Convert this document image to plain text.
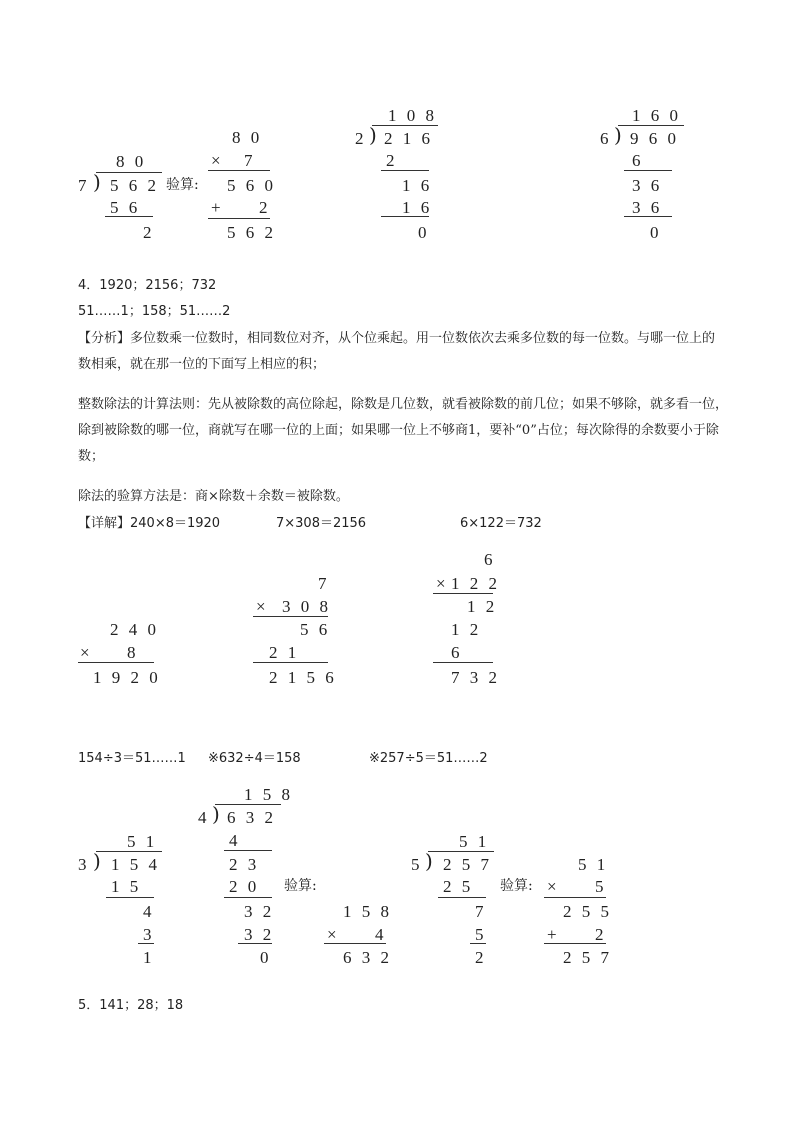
8 0
7 ) 5 6 2 验算:
5 6
2
8 0
× 7
5 6 0
+ 2
5 6 2
1 0 8
2 ) 2 1 6
2
1 6
1 6
0
1 6 0
6 ) 9 6 0
6
3 6
3 6
0
4．1920；2156；732
51……1；158；51……2
【分析】多位数乘一位数时，相同数位对齐，从个位乘起。用一位数依次去乘多位数的每一位数。与哪一位上的数相乘，就在那一位的下面写上相应的积；
整数除法的计算法则：先从被除数的高位除起，除数是几位数，就看被除数的前几位；如果不够除，就多看一位，除到被除数的哪一位，商就写在哪一位的上面；如果哪一位上不够商1，要补“0”占位；每次除得的余数要小于除数；
除法的验算方法是：商×除数＋余数＝被除数。
【详解】240×8＝1920	7×308＝2156	6×122＝732
2 4 0
× 8
1 9 2 0
7
× 3 0 8
5 6
2 1
2 1 5 6
6
× 1 2 2
1 2
1 2
6
7 3 2
154÷3＝51……1 ※632÷4＝158	※257÷5＝51……2
5 1
3 ) 1 5 4
1 5
4
3
1
1 5 8
4 ) 6 3 2
4
2 3
2 0
3 2
3 2
0
验算:
1 5 8
× 4
6 3 2
5 1
5 ) 2 5 7
2 5
7
5
2
验算:
5 1
× 5
2 5 5
+ 2
2 5 7
5．141；28；18
